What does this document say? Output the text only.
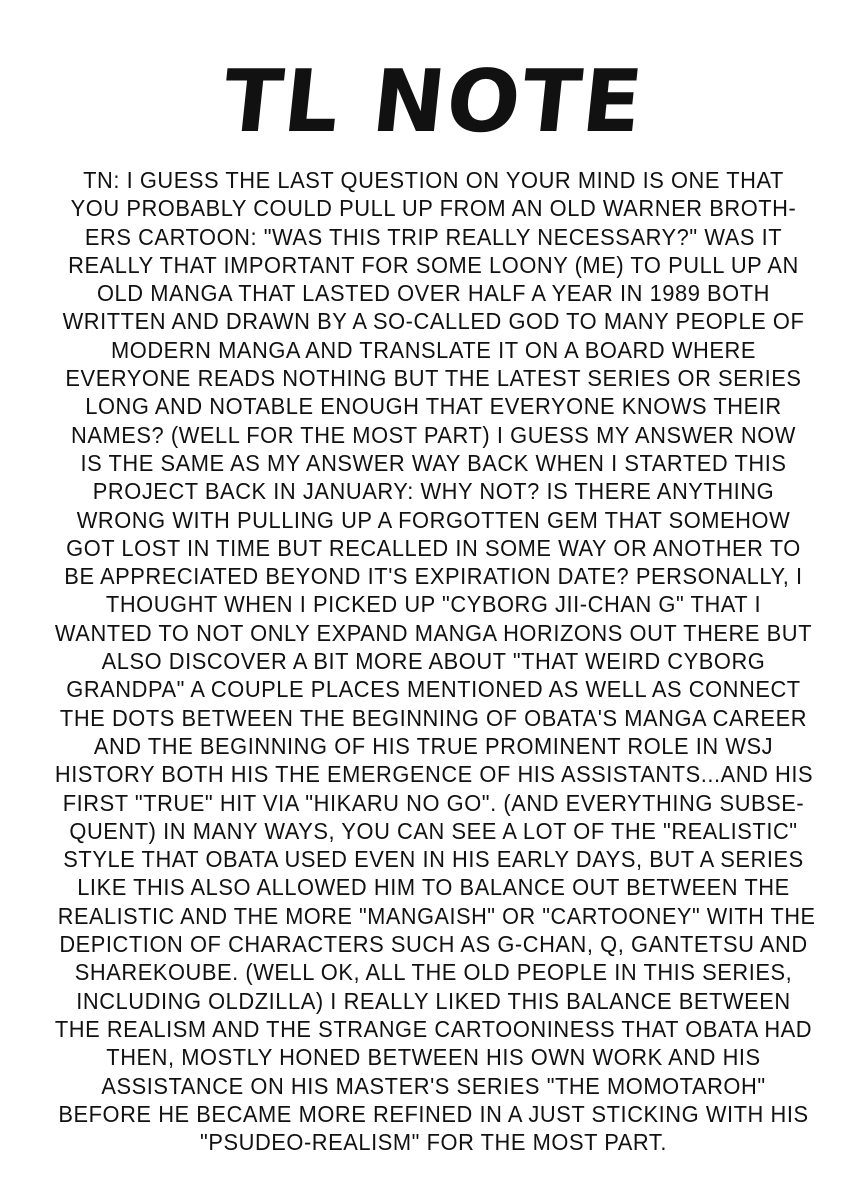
TL NOTE
TN: I GUESS THE LAST QUESTION ON YOUR MIND IS ONE THAT
YOU PROBABLY COULD PULL UP FROM AN OLD WARNER BROTH-
ERS CARTOON: "WAS THIS TRIP REALLY NECESSARY?" WAS IT
REALLY THAT IMPORTANT FOR SOME LOONY (ME) TO PULL UP AN
OLD MANGA THAT LASTED OVER HALF A YEAR IN 1989 BOTH
WRITTEN AND DRAWN BY A SO-CALLED GOD TO MANY PEOPLE OF
MODERN MANGA AND TRANSLATE IT ON A BOARD WHERE
EVERYONE READS NOTHING BUT THE LATEST SERIES OR SERIES
LONG AND NOTABLE ENOUGH THAT EVERYONE KNOWS THEIR
NAMES? (WELL FOR THE MOST PART) I GUESS MY ANSWER NOW
IS THE SAME AS MY ANSWER WAY BACK WHEN I STARTED THIS
PROJECT BACK IN JANUARY: WHY NOT? IS THERE ANYTHING
WRONG WITH PULLING UP A FORGOTTEN GEM THAT SOMEHOW
GOT LOST IN TIME BUT RECALLED IN SOME WAY OR ANOTHER TO
BE APPRECIATED BEYOND IT'S EXPIRATION DATE? PERSONALLY, I
THOUGHT WHEN I PICKED UP "CYBORG JII-CHAN G" THAT I
WANTED TO NOT ONLY EXPAND MANGA HORIZONS OUT THERE BUT
ALSO DISCOVER A BIT MORE ABOUT "THAT WEIRD CYBORG
GRANDPA" A COUPLE PLACES MENTIONED AS WELL AS CONNECT
THE DOTS BETWEEN THE BEGINNING OF OBATA'S MANGA CAREER
AND THE BEGINNING OF HIS TRUE PROMINENT ROLE IN WSJ
HISTORY BOTH HIS THE EMERGENCE OF HIS ASSISTANTS...AND HIS
FIRST "TRUE" HIT VIA "HIKARU NO GO". (AND EVERYTHING SUBSE-
QUENT) IN MANY WAYS, YOU CAN SEE A LOT OF THE "REALISTIC"
STYLE THAT OBATA USED EVEN IN HIS EARLY DAYS, BUT A SERIES
LIKE THIS ALSO ALLOWED HIM TO BALANCE OUT BETWEEN THE
REALISTIC AND THE MORE "MANGAISH" OR "CARTOONEY" WITH THE
DEPICTION OF CHARACTERS SUCH AS G-CHAN, Q, GANTETSU AND
SHAREKOUBE. (WELL OK, ALL THE OLD PEOPLE IN THIS SERIES,
INCLUDING OLDZILLA) I REALLY LIKED THIS BALANCE BETWEEN
THE REALISM AND THE STRANGE CARTOONINESS THAT OBATA HAD
THEN, MOSTLY HONED BETWEEN HIS OWN WORK AND HIS
ASSISTANCE ON HIS MASTER'S SERIES "THE MOMOTAROH"
BEFORE HE BECAME MORE REFINED IN A JUST STICKING WITH HIS
"PSUDEO-REALISM" FOR THE MOST PART.
